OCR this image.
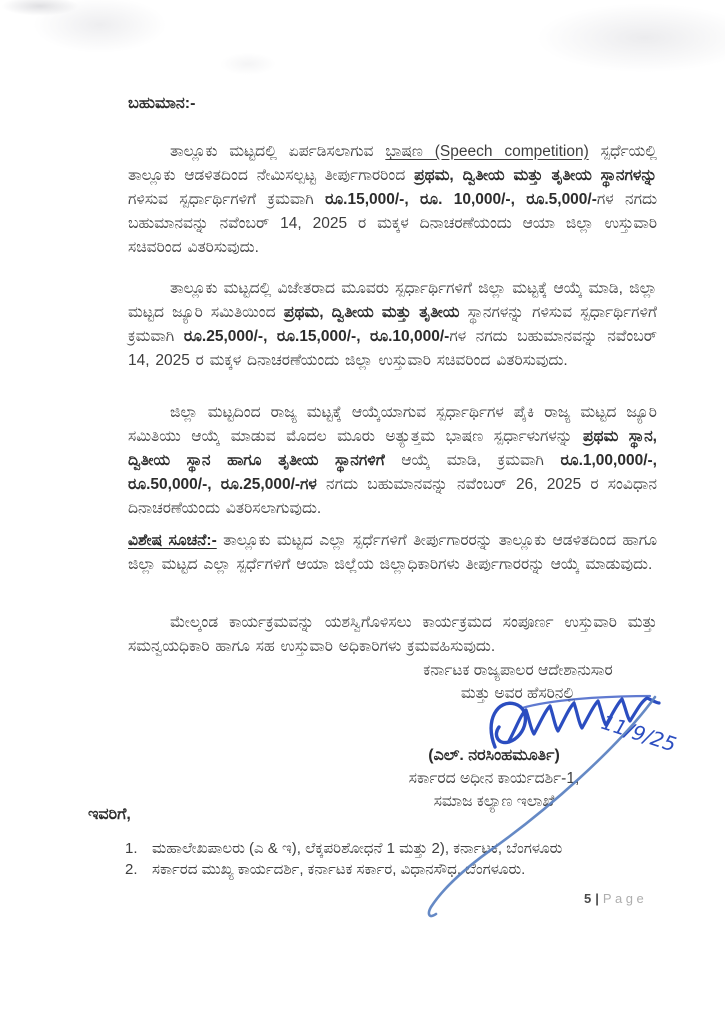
ಬಹುಮಾನ:-

ತಾಲ್ಲೂಕು ಮಟ್ಟದಲ್ಲಿ ಏರ್ಪಡಿಸಲಾಗುವ ಭಾಷಣ (Speech competition) ಸ್ಪರ್ಧೆಯಲ್ಲಿ ತಾಲ್ಲೂಕು ಆಡಳಿತದಿಂದ ನೇಮಿಸಲ್ಪಟ್ಟ ತೀರ್ಪುಗಾರರಿಂದ ಪ್ರಥಮ, ದ್ವಿತೀಯ ಮತ್ತು ತೃತೀಯ ಸ್ಥಾನಗಳನ್ನು ಗಳಿಸುವ ಸ್ಪರ್ಧಾರ್ಥಿಗಳಿಗೆ ಕ್ರಮವಾಗಿ ರೂ.15,000/-, ರೂ. 10,000/-, ರೂ.5,000/-ಗಳ ನಗದು ಬಹುಮಾನವನ್ನು ನವೆಂಬರ್ 14, 2025 ರ ಮಕ್ಕಳ ದಿನಾಚರಣೆಯಂದು ಆಯಾ ಜಿಲ್ಲಾ ಉಸ್ತುವಾರಿ ಸಚಿವರಿಂದ ವಿತರಿಸುವುದು.

ತಾಲ್ಲೂಕು ಮಟ್ಟದಲ್ಲಿ ವಿಜೇತರಾದ ಮೂವರು ಸ್ಪರ್ಧಾರ್ಥಿಗಳಿಗೆ ಜಿಲ್ಲಾ ಮಟ್ಟಕ್ಕೆ ಆಯ್ಕೆ ಮಾಡಿ, ಜಿಲ್ಲಾ ಮಟ್ಟದ ಜ್ಯೂರಿ ಸಮಿತಿಯಿಂದ ಪ್ರಥಮ, ದ್ವಿತೀಯ ಮತ್ತು ತೃತೀಯ ಸ್ಥಾನಗಳನ್ನು ಗಳಿಸುವ ಸ್ಪರ್ಧಾರ್ಥಿಗಳಿಗೆ ಕ್ರಮವಾಗಿ ರೂ.25,000/-, ರೂ.15,000/-, ರೂ.10,000/-ಗಳ ನಗದು ಬಹುಮಾನವನ್ನು ನವೆಂಬರ್ 14, 2025 ರ ಮಕ್ಕಳ ದಿನಾಚರಣೆಯಂದು ಜಿಲ್ಲಾ ಉಸ್ತುವಾರಿ ಸಚಿವರಿಂದ ವಿತರಿಸುವುದು.

ಜಿಲ್ಲಾ ಮಟ್ಟದಿಂದ ರಾಜ್ಯ ಮಟ್ಟಕ್ಕೆ ಆಯ್ಕೆಯಾಗುವ ಸ್ಪರ್ಧಾರ್ಥಿಗಳ ಪೈಕಿ ರಾಜ್ಯ ಮಟ್ಟದ ಜ್ಯೂರಿ ಸಮಿತಿಯು ಆಯ್ಕೆ ಮಾಡುವ ಮೊದಲ ಮೂರು ಅತ್ಯುತ್ತಮ ಭಾಷಣ ಸ್ಪರ್ಧಾಳುಗಳನ್ನು ಪ್ರಥಮ ಸ್ಥಾನ, ದ್ವಿತೀಯ ಸ್ಥಾನ ಹಾಗೂ ತೃತೀಯ ಸ್ಥಾನಗಳಿಗೆ ಆಯ್ಕೆ ಮಾಡಿ, ಕ್ರಮವಾಗಿ ರೂ.1,00,000/-, ರೂ.50,000/-, ರೂ.25,000/-ಗಳ ನಗದು ಬಹುಮಾನವನ್ನು ನವೆಂಬರ್ 26, 2025 ರ ಸಂವಿಧಾನ ದಿನಾಚರಣೆಯಂದು ವಿತರಿಸಲಾಗುವುದು.

ವಿಶೇಷ ಸೂಚನೆ:- ತಾಲ್ಲೂಕು ಮಟ್ಟದ ಎಲ್ಲಾ ಸ್ಪರ್ಧೆಗಳಿಗೆ ತೀರ್ಪುಗಾರರನ್ನು ತಾಲ್ಲೂಕು ಆಡಳಿತದಿಂದ ಹಾಗೂ ಜಿಲ್ಲಾ ಮಟ್ಟದ ಎಲ್ಲಾ ಸ್ಪರ್ಧೆಗಳಿಗೆ ಆಯಾ ಜಿಲ್ಲೆಯ ಜಿಲ್ಲಾಧಿಕಾರಿಗಳು ತೀರ್ಪುಗಾರರನ್ನು ಆಯ್ಕೆ ಮಾಡುವುದು.

ಮೇಲ್ಕಂಡ ಕಾರ್ಯಕ್ರಮವನ್ನು ಯಶಸ್ವಿಗೊಳಿಸಲು ಕಾರ್ಯಕ್ರಮದ ಸಂಪೂರ್ಣ ಉಸ್ತುವಾರಿ ಮತ್ತು ಸಮನ್ವಯಧಿಕಾರಿ ಹಾಗೂ ಸಹ ಉಸ್ತುವಾರಿ ಅಧಿಕಾರಿಗಳು ಕ್ರಮವಹಿಸುವುದು.

ಕರ್ನಾಟಕ ರಾಜ್ಯಪಾಲರ ಆದೇಶಾನುಸಾರ
ಮತ್ತು ಅವರ ಹೆಸರಿನಲ್ಲಿ
(ಎಲ್. ನರಸಿಂಹಮೂರ್ತಿ)
ಸರ್ಕಾರದ ಅಧೀನ ಕಾರ್ಯದರ್ಶಿ-1,
ಸಮಾಜ ಕಲ್ಯಾಣ ಇಲಾಖೆ
ಇವರಿಗೆ,
1. ಮಹಾಲೇಖಪಾಲರು (ಎ & ಇ), ಲೆಕ್ಕಪರಿಶೋಧನೆ 1 ಮತ್ತು 2), ಕರ್ನಾಟಕ, ಬೆಂಗಳೂರು
2. ಸರ್ಕಾರದ ಮುಖ್ಯ ಕಾರ್ಯದರ್ಶಿ, ಕರ್ನಾಟಕ ಸರ್ಕಾರ, ವಿಧಾನಸೌಧ, ಬೆಂಗಳೂರು.
5 | Page
11/9/25
